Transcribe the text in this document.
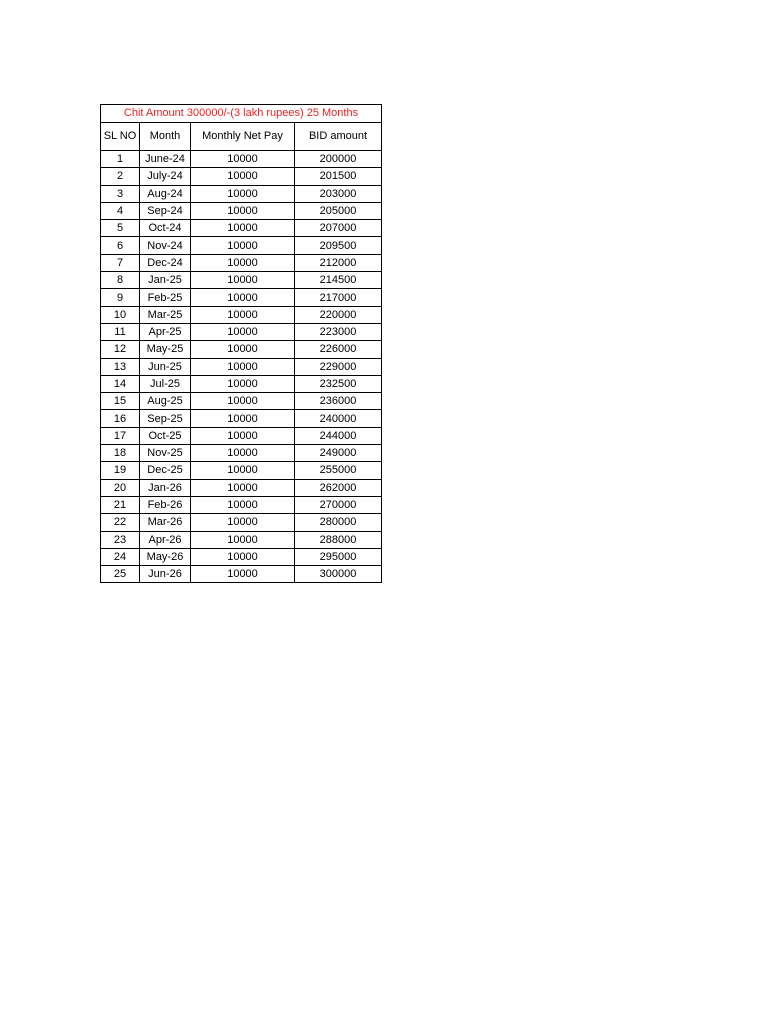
Chit Amount 300000/-(3 lakh rupees) 25 Months			
SL NO	Month	Monthly Net Pay	BID amount
1	June-24	10000	200000
2	July-24	10000	201500
3	Aug-24	10000	203000
4	Sep-24	10000	205000
5	Oct-24	10000	207000
6	Nov-24	10000	209500
7	Dec-24	10000	212000
8	Jan-25	10000	214500
9	Feb-25	10000	217000
10	Mar-25	10000	220000
11	Apr-25	10000	223000
12	May-25	10000	226000
13	Jun-25	10000	229000
14	Jul-25	10000	232500
15	Aug-25	10000	236000
16	Sep-25	10000	240000
17	Oct-25	10000	244000
18	Nov-25	10000	249000
19	Dec-25	10000	255000
20	Jan-26	10000	262000
21	Feb-26	10000	270000
22	Mar-26	10000	280000
23	Apr-26	10000	288000
24	May-26	10000	295000
25	Jun-26	10000	300000
